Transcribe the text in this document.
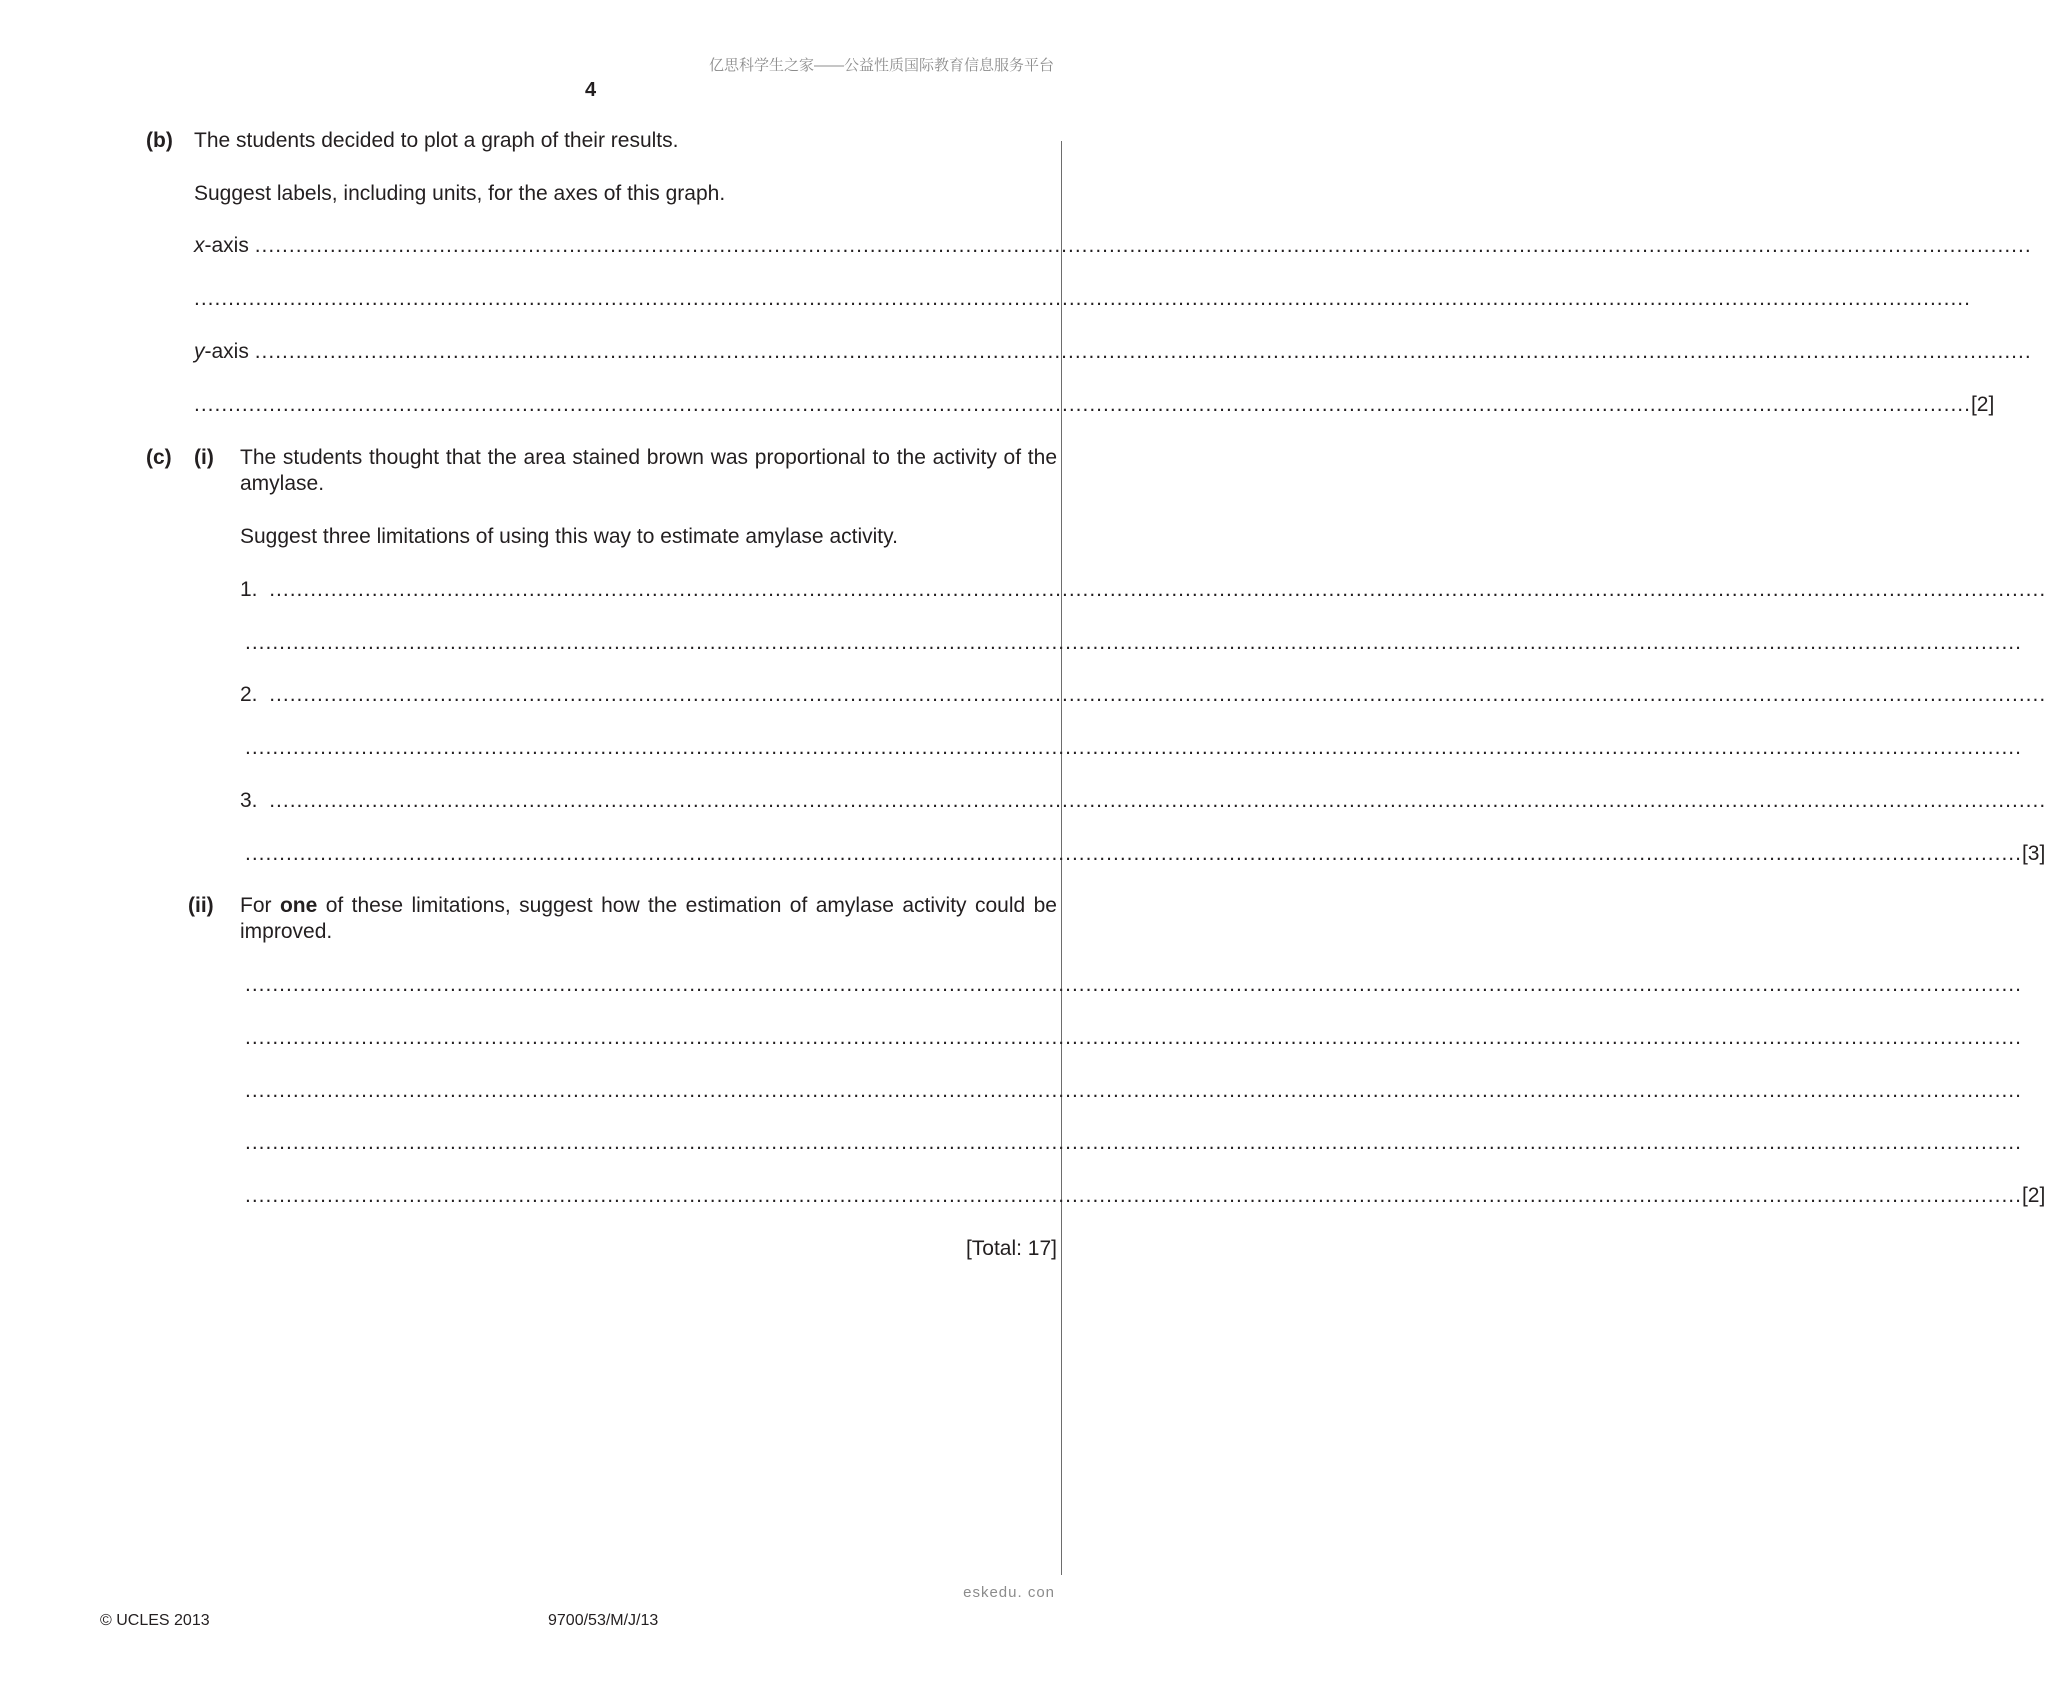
亿思科学生之家——公益性质国际教育信息服务平台
4
(b) The students decided to plot a graph of their results.
Suggest labels, including units, for the axes of this graph.
x-axis ....................................................................................................................................................................................................................................................................
....................................................................................................................................................................................................................................................................
y-axis ....................................................................................................................................................................................................................................................................
.................................................................................................................................................................................................................................................................... [2]
(c) (i) The students thought that the area stained brown was proportional to the activity of the amylase.
Suggest three limitations of using this way to estimate amylase activity.
1.
....................................................................................................................................................................................................................................................................
....................................................................................................................................................................................................................................................................
2.
....................................................................................................................................................................................................................................................................
....................................................................................................................................................................................................................................................................
3.
....................................................................................................................................................................................................................................................................
.................................................................................................................................................................................................................................................................... [3]
(ii) For one of these limitations, suggest how the estimation of amylase activity could be improved.
....................................................................................................................................................................................................................................................................
....................................................................................................................................................................................................................................................................
....................................................................................................................................................................................................................................................................
....................................................................................................................................................................................................................................................................
.................................................................................................................................................................................................................................................................... [2]
[Total: 17]
© UCLES 2013	9700/53/M/J/13
eskedu. con
